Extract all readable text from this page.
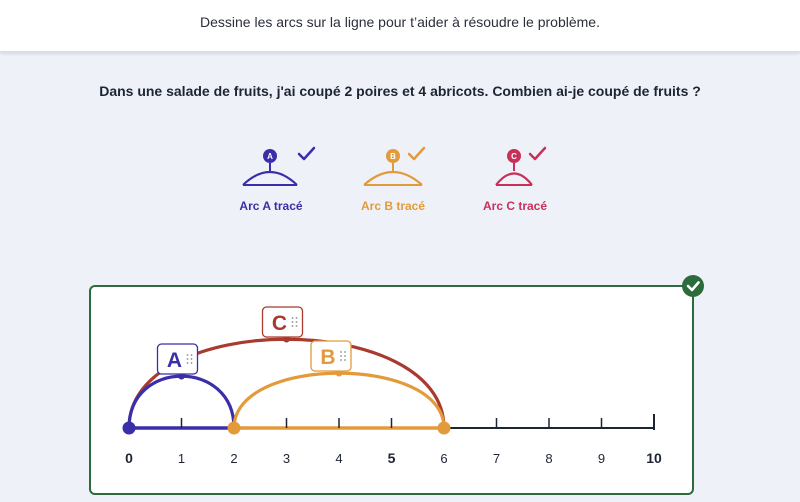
Dessine les arcs sur la ligne pour t’aider à résoudre le problème.
Dans une salade de fruits, j'ai coupé 2 poires et 4 abricots. Combien ai-je coupé de fruits ?
A
Arc A tracé
B
Arc B tracé
C
Arc C tracé
0	1	2	3	4	5	6	7	8	9	10
C
A	B
